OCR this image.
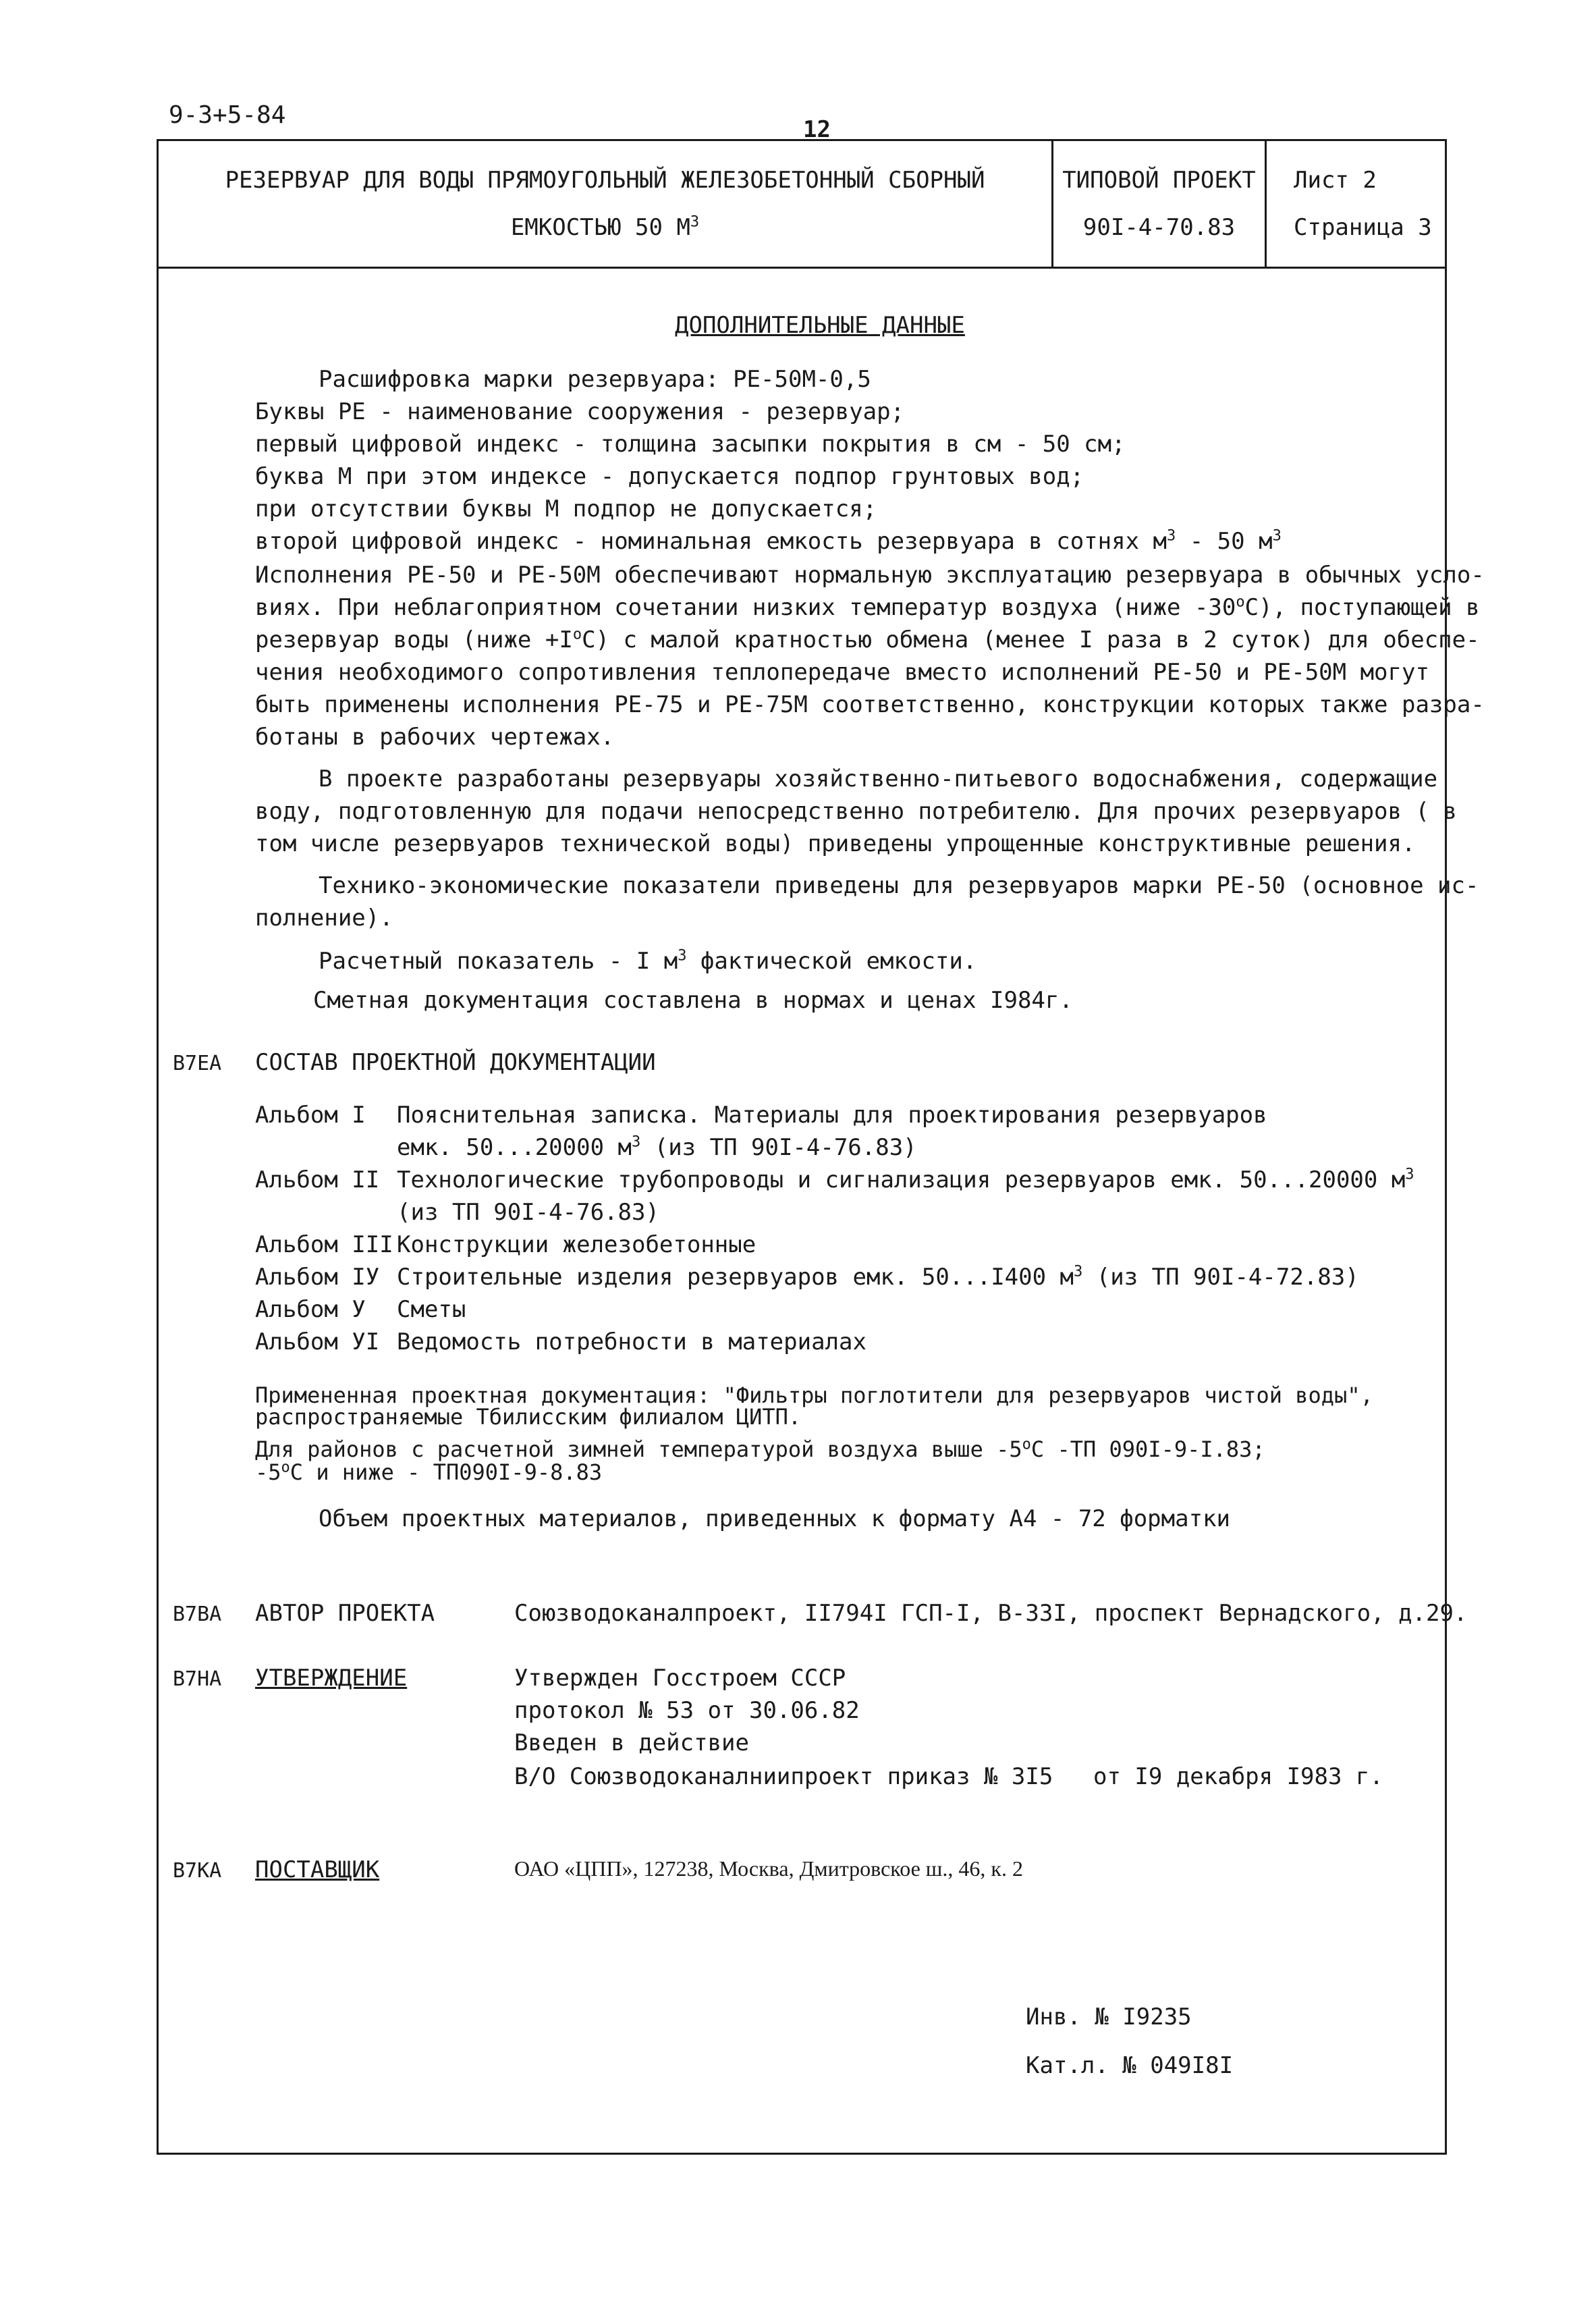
9-3+5-84
12
РЕЗЕРВУАР ДЛЯ ВОДЫ ПРЯМОУГОЛЬНЫЙ ЖЕЛЕЗОБЕТОННЫЙ СБОРНЫЙ
ЕМКОСТЬЮ 50 $М^3$
ТИПОВОЙ ПРОЕКТ
90I-4-70.83
Лист 2
Страница 3
ДОПОЛНИТЕЛЬНЫЕ ДАННЫЕ
Расшифровка марки резервуара: РЕ-50М-0,5
Буквы РЕ - наименование сооружения - резервуар;
первый цифровой индекс - толщина засыпки покрытия в см - 50 см;
буква М при этом индексе - допускается подпор грунтовых вод;
при отсутствии буквы М подпор не допускается;
второй цифровой индекс - номинальная емкость резервуара в сотнях $м^3 - 50$ $м^3$
Исполнения РЕ-50 и РЕ-50М обеспечивают нормальную эксплуатацию резервуара в обычных усло-
виях. При неблагоприятном сочетании низких температур воздуха (ниже $-30^оС$), поступающей в
резервуар воды (ниже $+I^оС$) с малой кратностью обмена (менее I раза в 2 суток) для обеспе-
чения необходимого сопротивления теплопередаче вместо исполнений РЕ-50 и РЕ-50М могут
быть применены исполнения РЕ-75 и РЕ-75М соответственно, конструкции которых также разра-
ботаны в рабочих чертежах.
В проекте разработаны резервуары хозяйственно-питьевого водоснабжения, содержащие
воду, подготовленную для подачи непосредственно потребителю. Для прочих резервуаров ( в
том числе резервуаров технической воды) приведены упрощенные конструктивные решения.
Технико-экономические показатели приведены для резервуаров марки РЕ-50 (основное ис-
полнение).
Расчетный показатель - I $м^3$ фактической емкости.
Сметная документация составлена в нормах и ценах I984г.
В7ЕА СОСТАВ ПРОЕКТНОЙ ДОКУМЕНТАЦИИ
Альбом I Пояснительная записка. Материалы для проектирования резервуаров
емк. 50...20000 $м^3$ (из ТП 90I-4-76.83)
Альбом II Технологические трубопроводы и сигнализация резервуаров емк. 50...20000 $м^3$
(из ТП 90I-4-76.83)
Альбом III Конструкции железобетонные
Альбом IУ Строительные изделия резервуаров емк. 50...I400 $м^3$ (из ТП 90I-4-72.83)
Альбом У Сметы
Альбом УI Ведомость потребности в материалах
Примененная проектная документация: "Фильтры поглотители для резервуаров чистой воды",
распространяемые Тбилисским филиалом ЦИТП.
Для районов с расчетной зимней температурой воздуха выше $-5^оС$ -ТП 090I-9-I.83;
$-5^оС$ и ниже - ТП090I-9-8.83
Объем проектных материалов, приведенных к формату А4 - 72 форматки
В7ВА АВТОР ПРОЕКТА	Союзводоканалпроект, II794I ГСП-I, В-33I, проспект Вернадского, д.29.
В7НА УТВЕРЖДЕНИЕ	Утвержден Госстроем СССР
протокол № 53 от 30.06.82
Введен в действие
В/О Союзводоканалниипроект приказ № 3I5 от I9 декабря I983 г.
В7КА ПОСТАВЩИК	ОАО «ЦПП», 127238, Москва, Дмитровское ш., 46, к. 2
Инв. № I9235
Кат.л. № 049I8I
